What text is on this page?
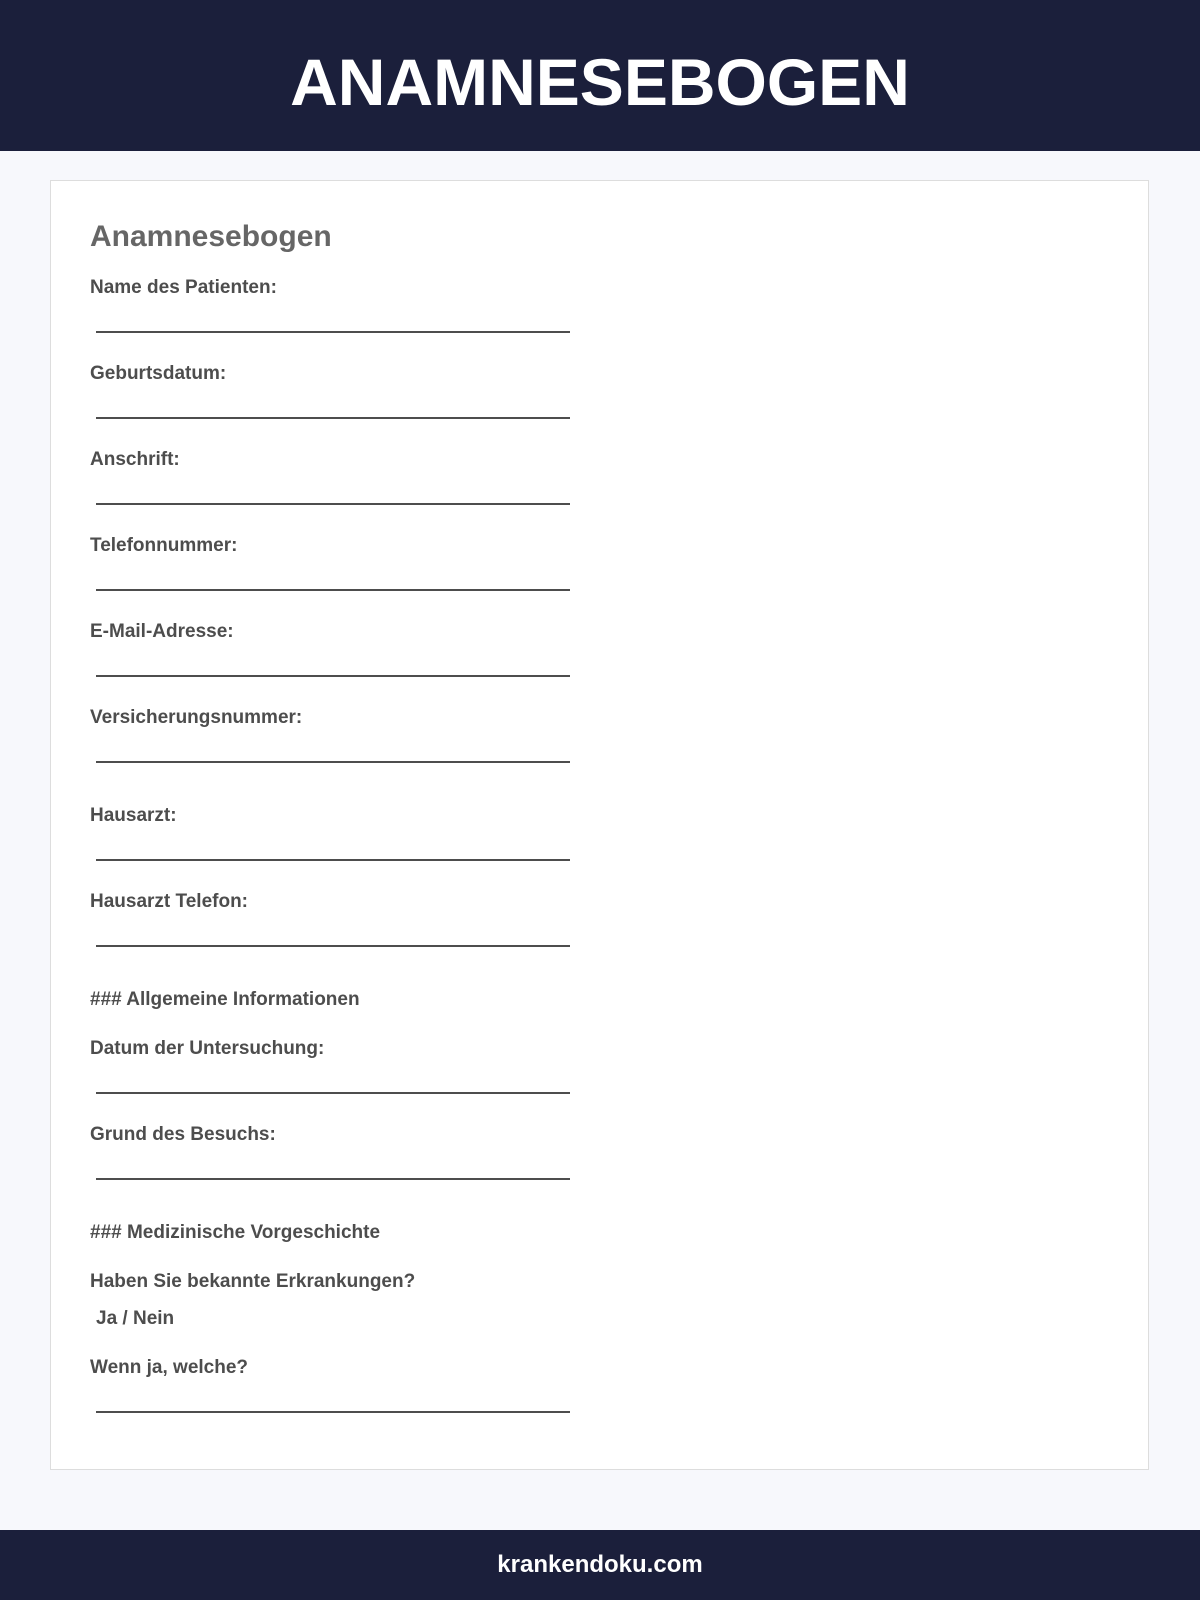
ANAMNESEBOGEN
Anamnesebogen
Name des Patienten:
Geburtsdatum:
Anschrift:
Telefonnummer:
E-Mail-Adresse:
Versicherungsnummer:
Hausarzt:
Hausarzt Telefon:
### Allgemeine Informationen
Datum der Untersuchung:
Grund des Besuchs:
### Medizinische Vorgeschichte
Haben Sie bekannte Erkrankungen?
Ja / Nein
Wenn ja, welche?
krankendoku.com
